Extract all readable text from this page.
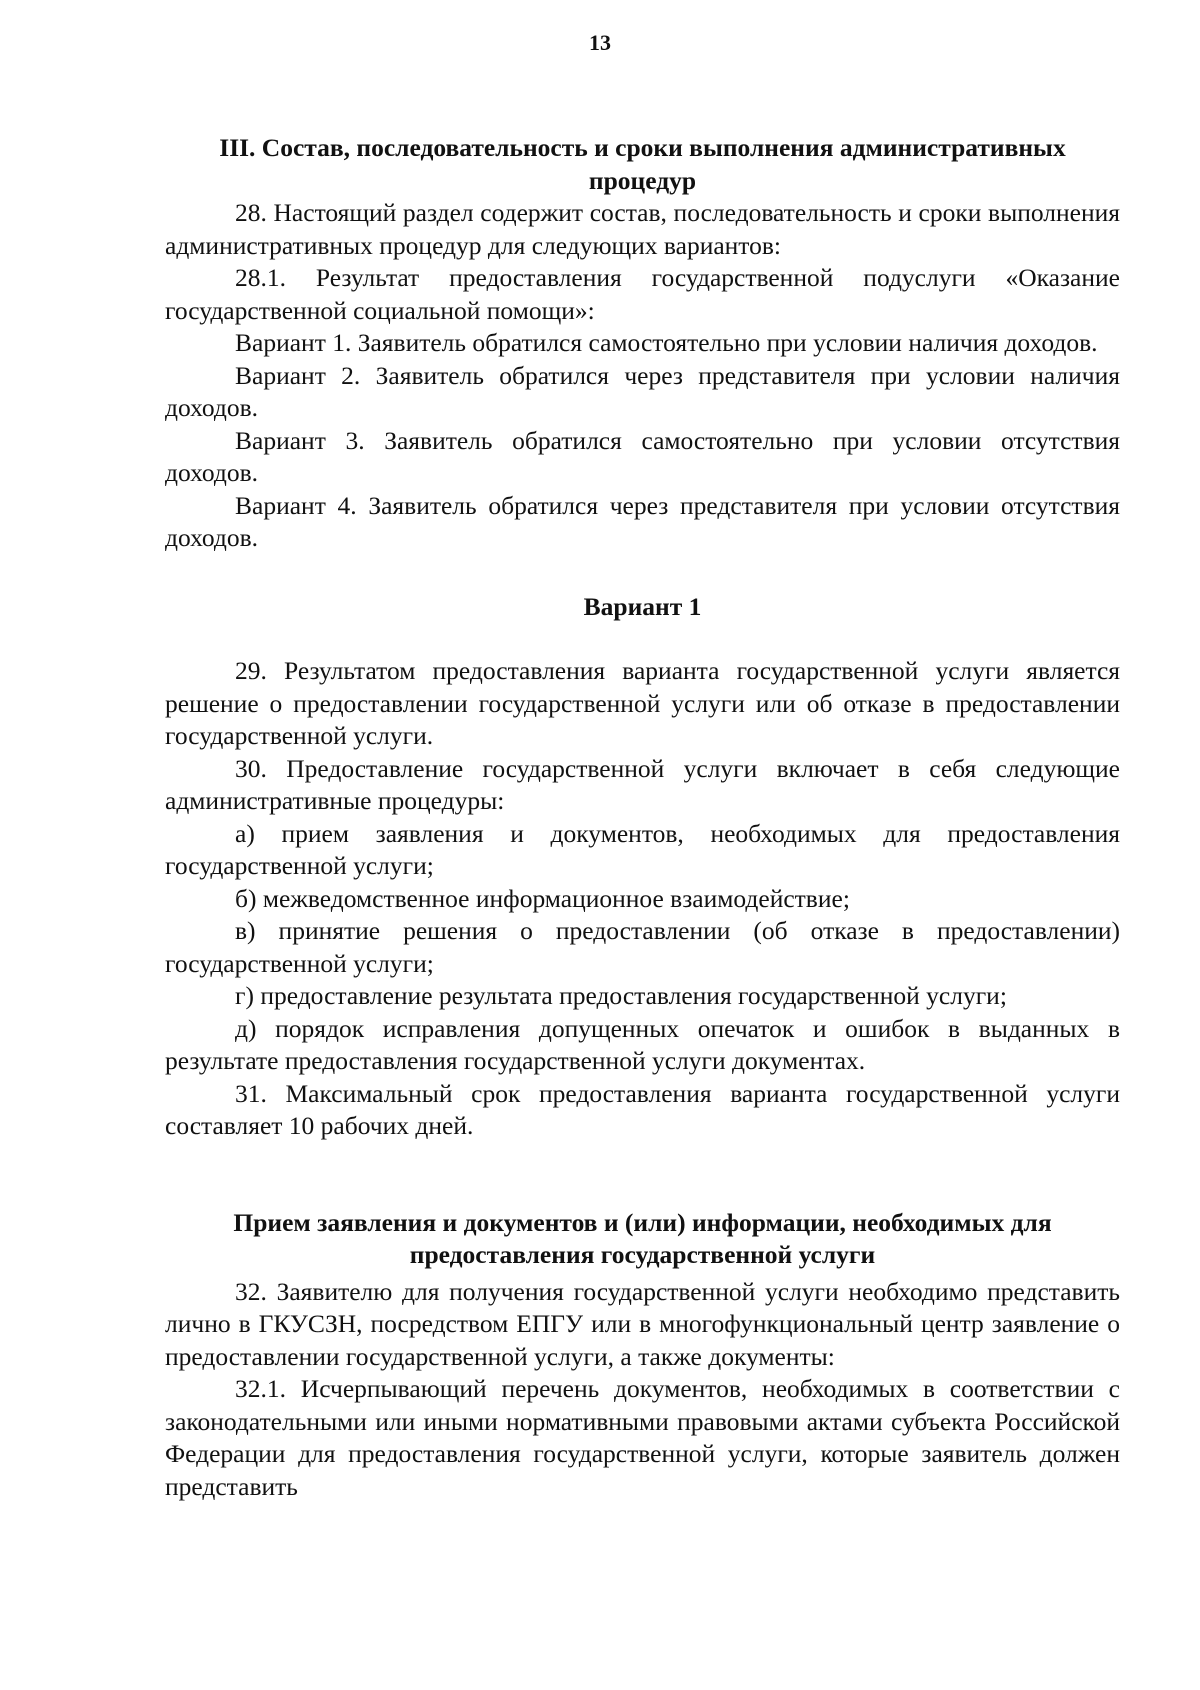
13

III. Состав, последовательность и сроки выполнения административных процедур

28. Настоящий раздел содержит состав, последовательность и сроки выполнения административных процедур для следующих вариантов:

28.1. Результат предоставления государственной подуслуги «Оказание государственной социальной помощи»:

Вариант 1. Заявитель обратился самостоятельно при условии наличия доходов.

Вариант 2. Заявитель обратился через представителя при условии наличия доходов.

Вариант 3. Заявитель обратился самостоятельно при условии отсутствия доходов.

Вариант 4. Заявитель обратился через представителя при условии отсутствия доходов.

Вариант 1

29. Результатом предоставления варианта государственной услуги является решение о предоставлении государственной услуги или об отказе в предоставлении государственной услуги.

30. Предоставление государственной услуги включает в себя следующие административные процедуры:

а) прием заявления и документов, необходимых для предоставления государственной услуги;

б) межведомственное информационное взаимодействие;

в) принятие решения о предоставлении (об отказе в предоставлении) государственной услуги;

г) предоставление результата предоставления государственной услуги;

д) порядок исправления допущенных опечаток и ошибок в выданных в результате предоставления государственной услуги документах.

31. Максимальный срок предоставления варианта государственной услуги составляет 10 рабочих дней.

Прием заявления и документов и (или) информации, необходимых для предоставления государственной услуги

32. Заявителю для получения государственной услуги необходимо представить лично в ГКУСЗН, посредством ЕПГУ или в многофункциональный центр заявление о предоставлении государственной услуги, а также документы:

32.1. Исчерпывающий перечень документов, необходимых в соответствии с законодательными или иными нормативными правовыми актами субъекта Российской Федерации для предоставления государственной услуги, которые заявитель должен представить
